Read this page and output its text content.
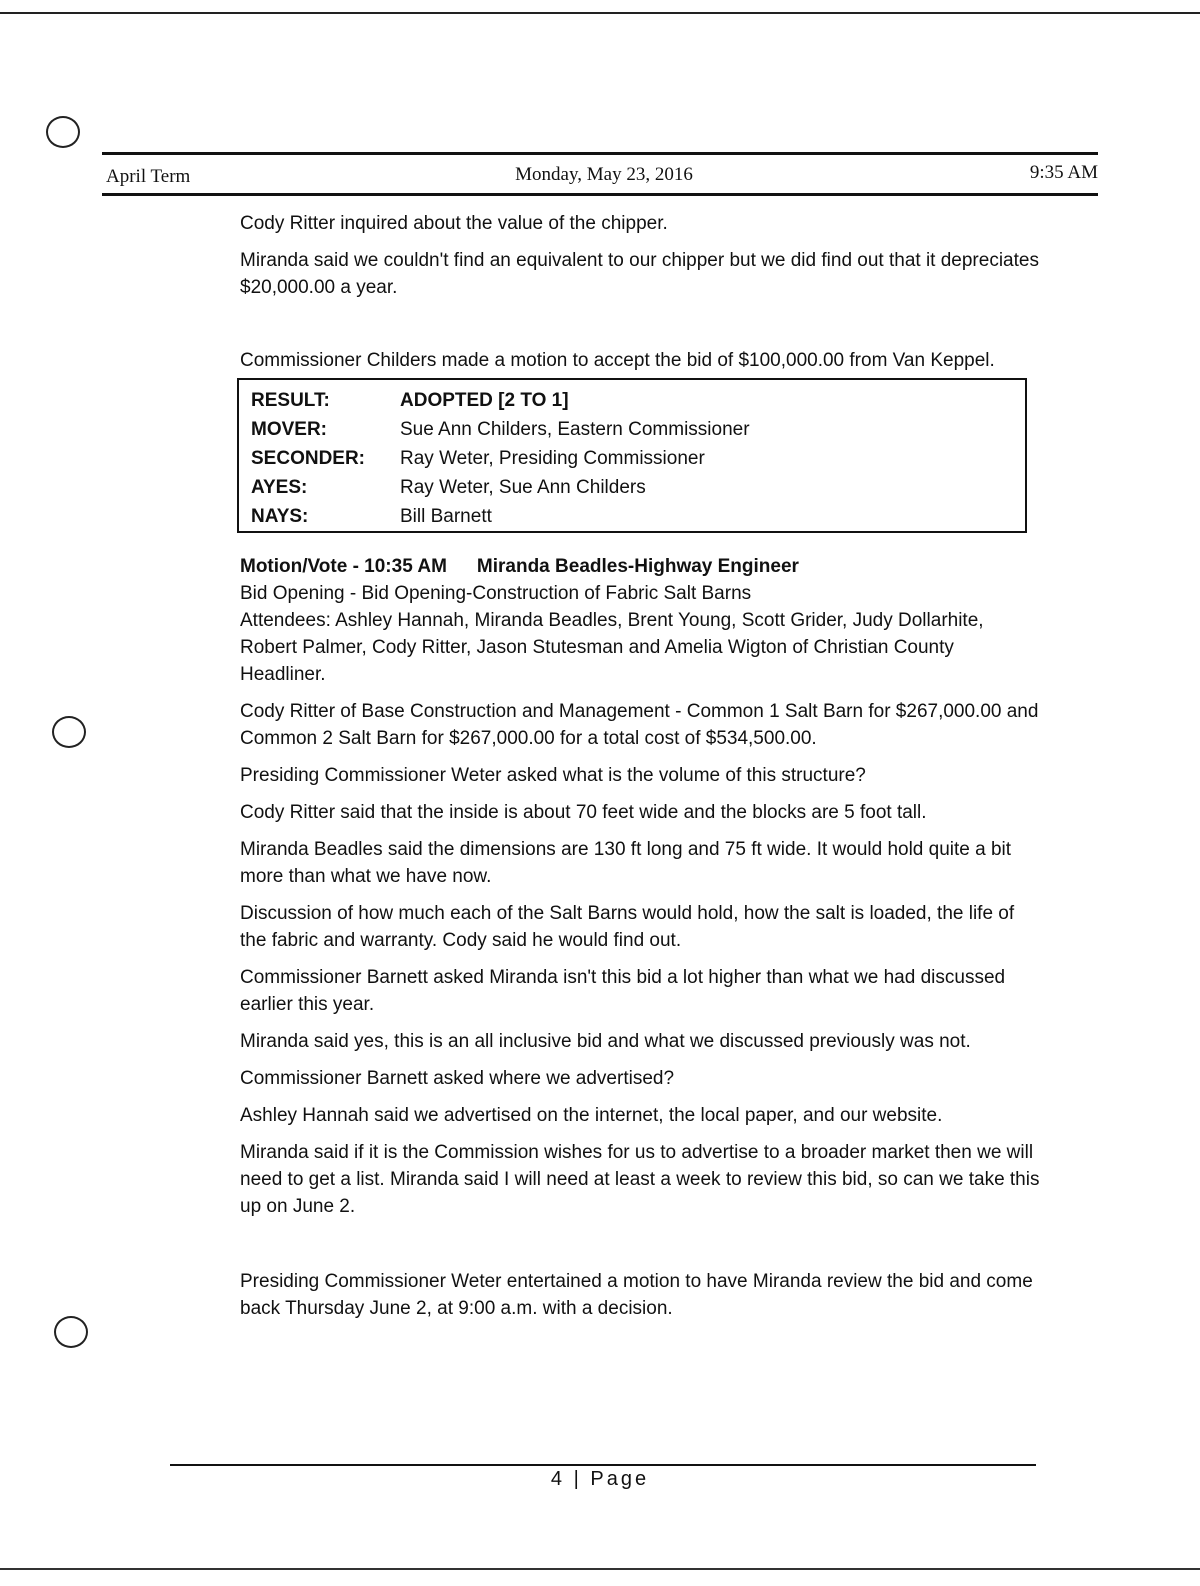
April Term	Monday, May 23, 2016	9:35 AM

Cody Ritter inquired about the value of the chipper.

Miranda said we couldn't find an equivalent to our chipper but we did find out that it depreciates $20,000.00 a year.

Commissioner Childers made a motion to accept the bid of $100,000.00 from Van Keppel.

RESULT:	ADOPTED [2 TO 1]
MOVER:	Sue Ann Childers, Eastern Commissioner
SECONDER:	Ray Weter, Presiding Commissioner
AYES:	Ray Weter, Sue Ann Childers
NAYS:	Bill Barnett

Motion/Vote - 10:35 AM Miranda Beadles-Highway Engineer

Bid Opening - Bid Opening-Construction of Fabric Salt Barns

Attendees: Ashley Hannah, Miranda Beadles, Brent Young, Scott Grider, Judy Dollarhite, Robert Palmer, Cody Ritter, Jason Stutesman and Amelia Wigton of Christian County Headliner.

Cody Ritter of Base Construction and Management - Common 1 Salt Barn for $267,000.00 and Common 2 Salt Barn for $267,000.00 for a total cost of $534,500.00.

Presiding Commissioner Weter asked what is the volume of this structure?

Cody Ritter said that the inside is about 70 feet wide and the blocks are 5 foot tall.

Miranda Beadles said the dimensions are 130 ft long and 75 ft wide. It would hold quite a bit more than what we have now.

Discussion of how much each of the Salt Barns would hold, how the salt is loaded, the life of the fabric and warranty. Cody said he would find out.

Commissioner Barnett asked Miranda isn't this bid a lot higher than what we had discussed earlier this year.

Miranda said yes, this is an all inclusive bid and what we discussed previously was not.

Commissioner Barnett asked where we advertised?

Ashley Hannah said we advertised on the internet, the local paper, and our website.

Miranda said if it is the Commission wishes for us to advertise to a broader market then we will need to get a list. Miranda said I will need at least a week to review this bid, so can we take this up on June 2.

Presiding Commissioner Weter entertained a motion to have Miranda review the bid and come back Thursday June 2, at 9:00 a.m. with a decision.

4 | Page
